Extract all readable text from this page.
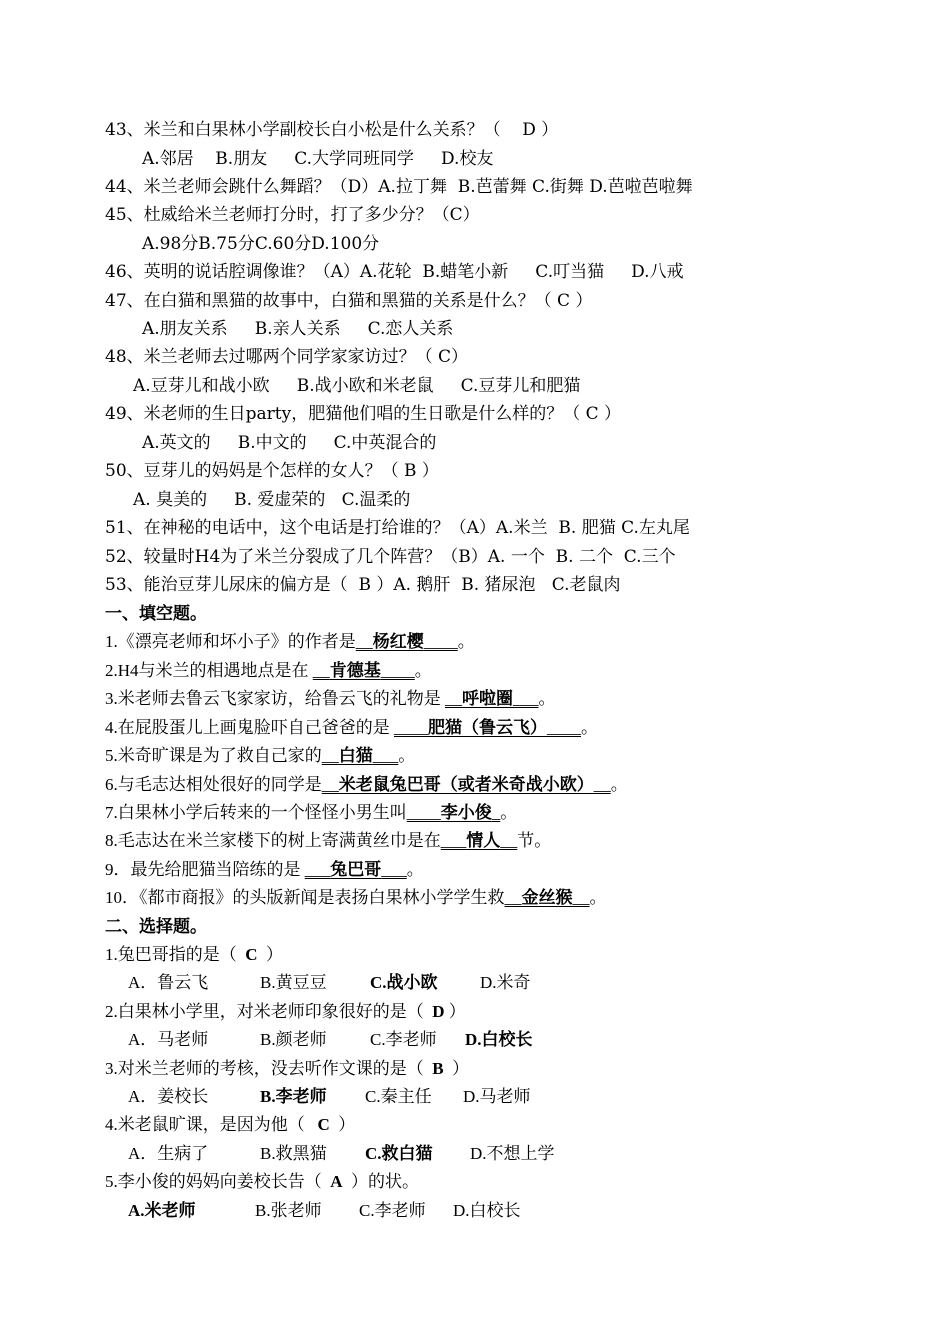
43、米兰和白果林小学副校长白小松是什么关系？（    D ）
A.邻居    B.朋友     C.大学同班同学     D.校友
44、米兰老师会跳什么舞蹈？（D）A.拉丁舞  B.芭蕾舞 C.街舞 D.芭啦芭啦舞
45、杜威给米兰老师打分时，打了多少分？（C）
A.98分B.75分C.60分D.100分
46、英明的说话腔调像谁？（A）A.花轮  B.蜡笔小新     C.叮当猫     D.八戒
47、在白猫和黑猫的故事中，白猫和黑猫的关系是什么？（ C ）
A.朋友关系     B.亲人关系     C.恋人关系
48、米兰老师去过哪两个同学家家访过？（ C）
A.豆芽儿和战小欧     B.战小欧和米老鼠     C.豆芽儿和肥猫
49、米老师的生日party，肥猫他们唱的生日歌是什么样的？（ C ）
A.英文的     B.中文的     C.中英混合的
50、豆芽儿的妈妈是个怎样的女人？（ B ）
A. 臭美的     B. 爱虚荣的   C.温柔的
51、在神秘的电话中，这个电话是打给谁的？（A）A.米兰  B. 肥猫 C.左丸尾
52、较量时H4为了米兰分裂成了几个阵营？（B）A. 一个  B. 二个  C.三个
53、能治豆芽儿尿床的偏方是（  B ）A. 鹅肝  B. 猪尿泡   C.老鼠肉
一、填空题。
1.《漂亮老师和坏小子》的作者是__杨红樱____。
2.H4与米兰的相遇地点是在 __肯德基____。
3.米老师去鲁云飞家家访，给鲁云飞的礼物是 __呼啦圈___。
4.在屁股蛋儿上画鬼脸吓自己爸爸的是 ____肥猫（鲁云飞）____。
5.米奇旷课是为了救自己家的__白猫___。
6.与毛志达相处很好的同学是__米老鼠兔巴哥（或者米奇战小欧）__。
7.白果林小学后转来的一个怪怪小男生叫____李小俊_。
8.毛志达在米兰家楼下的树上寄满黄丝巾是在___情人__节。
9．最先给肥猫当陪练的是 ___兔巴哥___。
10．《都市商报》的头版新闻是表扬白果林小学学生救__金丝猴__。
二、选择题。
1.兔巴哥指的是（  C  ）
A．鲁云飞	B.黄豆豆	C.战小欧 D.米奇
2.白果林小学里，对米老师印象很好的是（  D ）
A．马老师	B.颜老师	C.李老师 D.白校长
3.对米兰老师的考核，没去听作文课的是（  B  ）
A．姜校长	B.李老师 C.秦主任 D.马老师
4.米老鼠旷课，是因为他（   C  ）
A．生病了	B.救黑猫 C.救白猫 D.不想上学
5.李小俊的妈妈向姜校长告（  A  ）的状。
A.米老师	B.张老师 C.李老师 D.白校长
